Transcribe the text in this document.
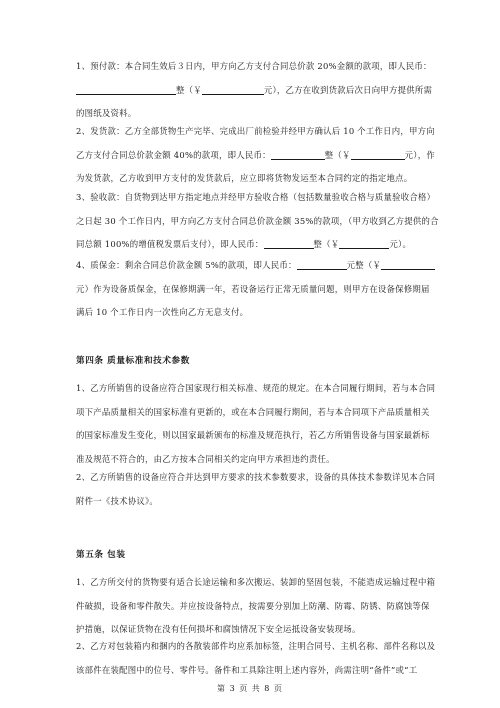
1、预付款：本合同生效后３日内，甲方向乙方支付合同总价款 20%金额的款项，即人民币：
整（￥	元），乙方在收到货款后次日向甲方提供所需
的图纸及资料。
2、发货款：乙方全部货物生产完毕、完成出厂前检验并经甲方确认后 10 个工作日内，甲方向
乙方支付合同总价款金额 40%的款项，即人民币：	整（￥	元），作
为发货款，乙方收到甲方支付的发货款后，应立即将货物发运至本合同约定的指定地点。
3、验收款：自货物到达甲方指定地点并经甲方验收合格（包括数量验收合格与质量验收合格）
之日起 30 个工作日内，甲方向乙方支付合同总价款金额 35%的款项，（甲方收到乙方提供的合
同总额 100%的增值税发票后支付），即人民币：	整（￥	元）。
4、质保金：剩余合同总价款金额 5%的款项，即人民币：	元整（￥
元）作为设备质保金，在保修期满一年，若设备运行正常无质量问题，则甲方在设备保修期届
满后 10 个工作日内一次性向乙方无息支付。
第四条 质量标准和技术参数
1、乙方所销售的设备应符合国家现行相关标准、规范的规定。在本合同履行期间，若与本合同
项下产品质量相关的国家标准有更新的，或在本合同履行期间，若与本合同项下产品质量相关
的国家标准发生变化，则以国家最新颁布的标准及规范执行，若乙方所销售设备与国家最新标
准及规范不符合的，由乙方按本合同相关约定向甲方承担违约责任。
2、乙方所销售的设备应符合并达到甲方要求的技术参数要求，设备的具体技术参数详见本合同
附件一《技术协议》。
第五条 包装
1、乙方所交付的货物要有适合长途运输和多次搬运、装卸的坚固包装，不能造成运输过程中箱
件破损，设备和零件散失。并应按设备特点，按需要分别加上防潮、防霉、防锈、防腐蚀等保
护措施，以保证货物在没有任何损坏和腐蚀情况下安全运抵设备安装现场。
2、乙方对包装箱内和捆内的各散装部件均应系加标签，注明合同号、主机名称、部件名称以及
该部件在装配图中的位号、零件号。备件和工具除注明上述内容外，尚需注明“备件”或“工
第 3 页 共 8 页
